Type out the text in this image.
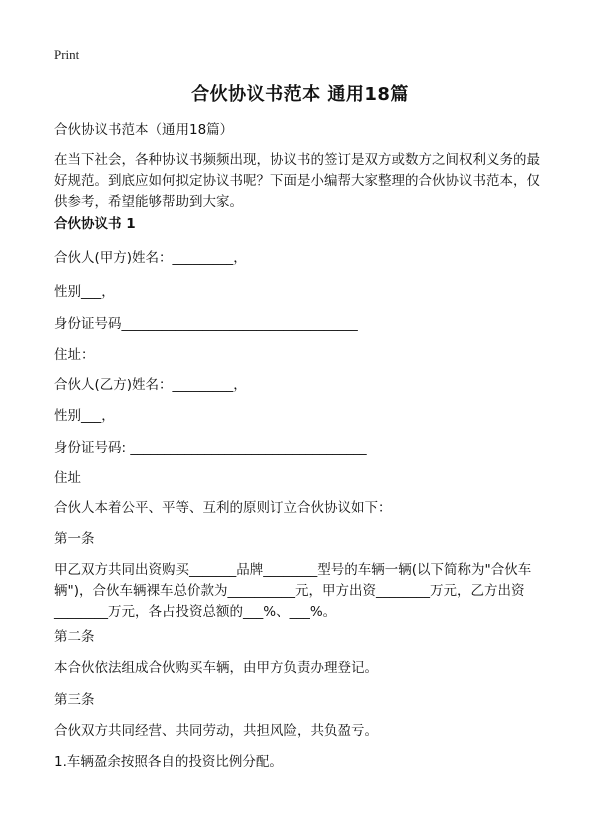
Print
合伙协议书范本 通用18篇
合伙协议书范本（通用18篇）
在当下社会，各种协议书频频出现，协议书的签订是双方或数方之间权利义务的最好规范。到底应如何拟定协议书呢？下面是小编帮大家整理的合伙协议书范本，仅供参考，希望能够帮助到大家。
合伙协议书 1
合伙人(甲方)姓名：_________，
性别___，
身份证号码___________________________________
住址：
合伙人(乙方)姓名：_________，
性别___，
身份证号码: ___________________________________
住址
合伙人本着公平、平等、互利的原则订立合伙协议如下：
第一条
甲乙双方共同出资购买_______品牌________型号的车辆一辆(以下简称为"合伙车辆")，合伙车辆裸车总价款为__________元，甲方出资________万元，乙方出资________万元，各占投资总额的___%、___%。
第二条
本合伙依法组成合伙购买车辆，由甲方负责办理登记。
第三条
合伙双方共同经营、共同劳动，共担风险，共负盈亏。
1.车辆盈余按照各自的投资比例分配。
